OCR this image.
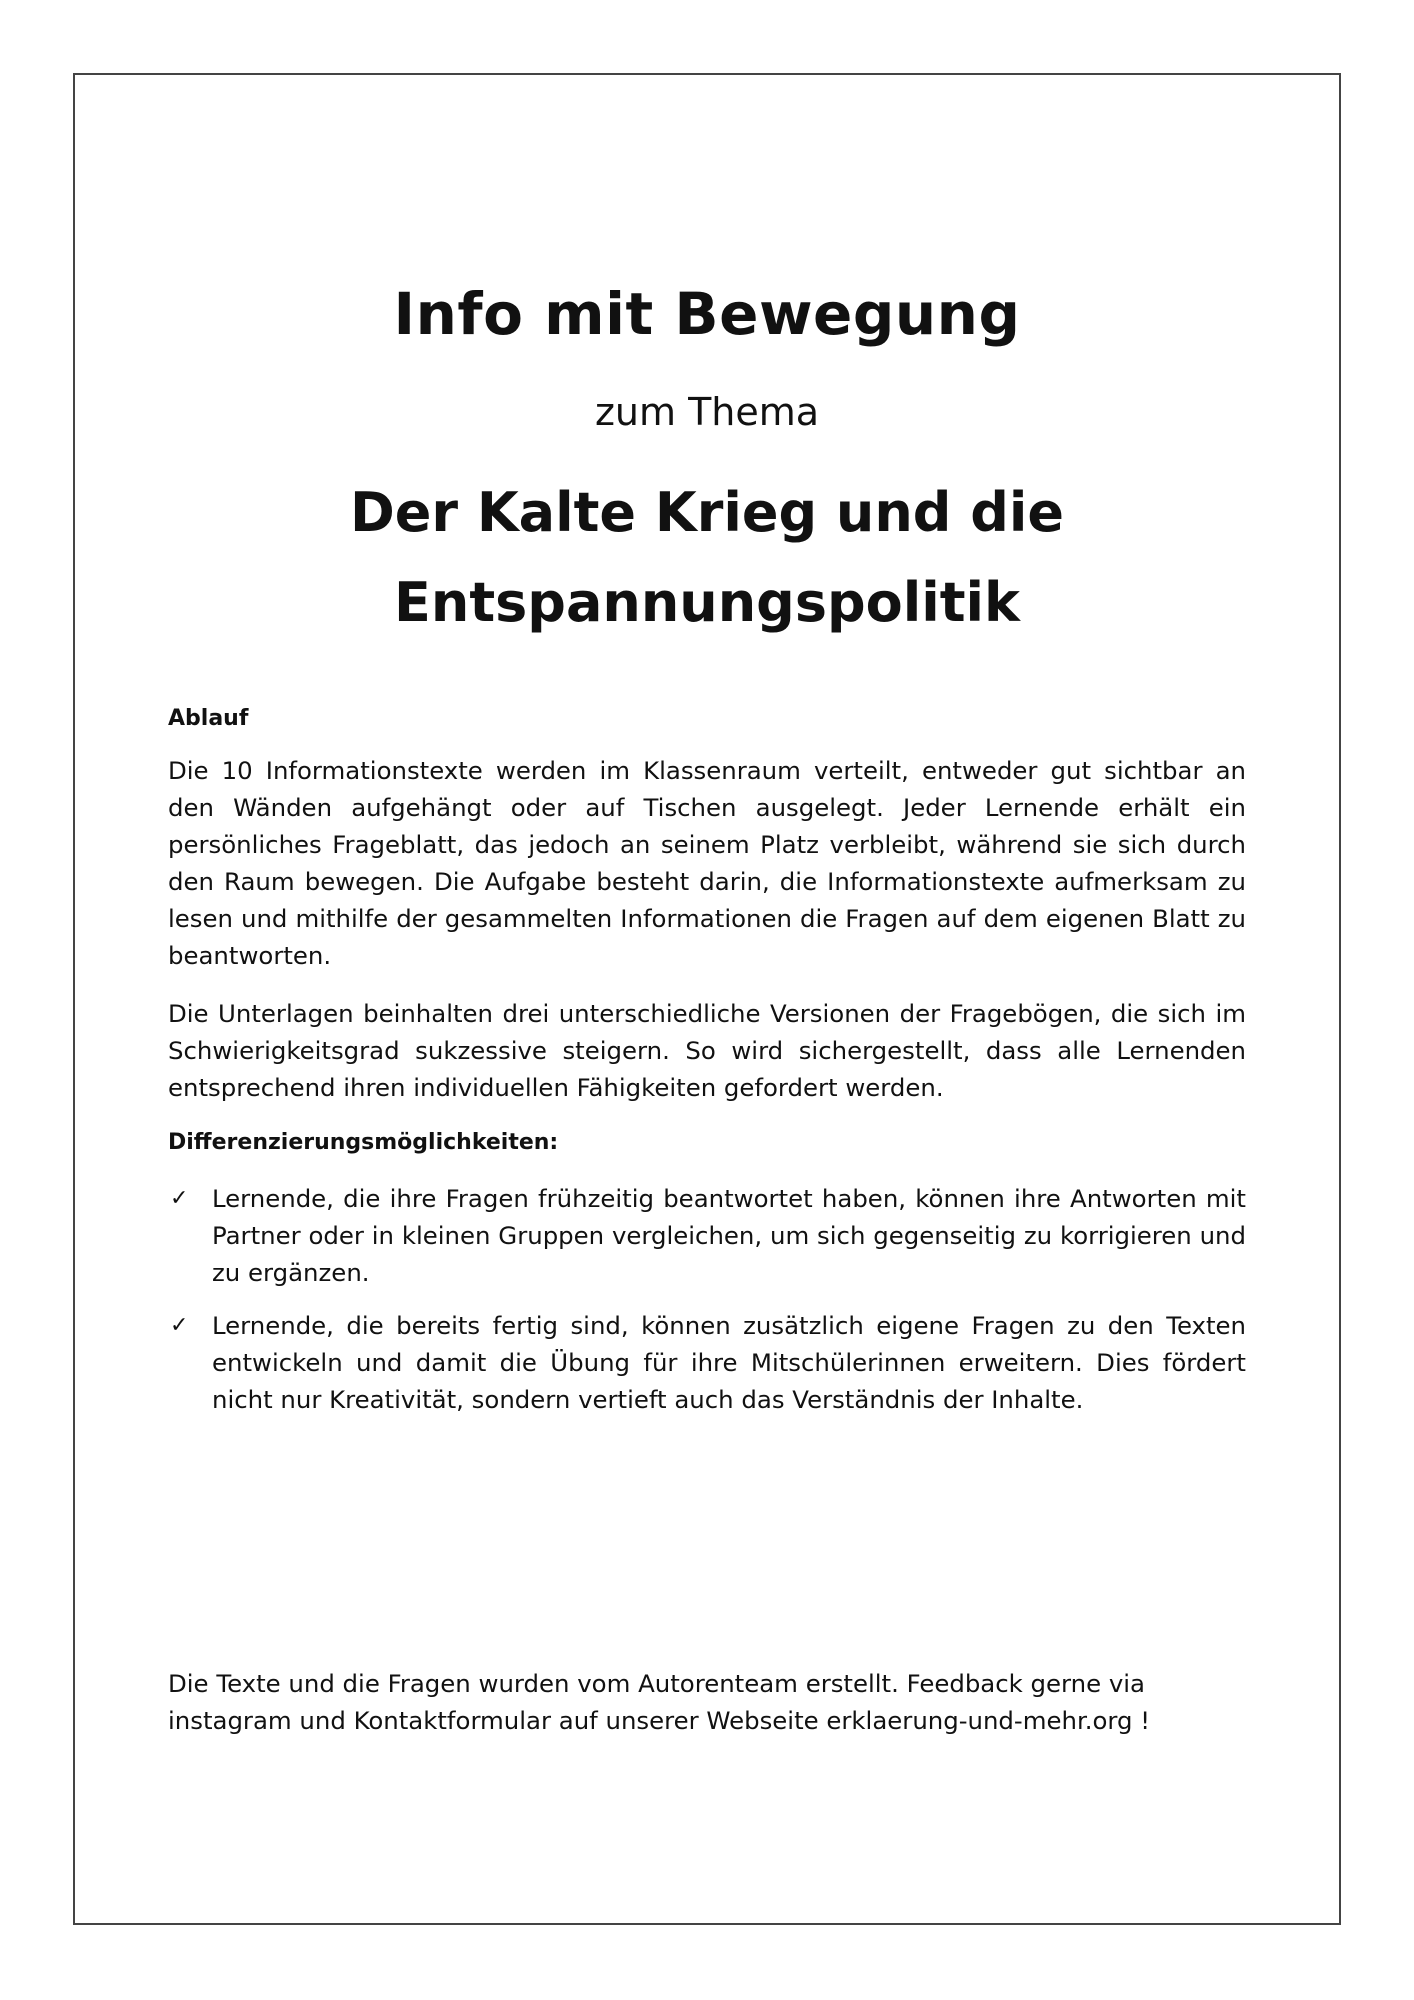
Info mit Bewegung
zum Thema
Der Kalte Krieg und die
Entspannungspolitik
Ablauf

Die 10 Informationstexte werden im Klassenraum verteilt, entweder gut sichtbar an den Wänden aufgehängt oder auf Tischen ausgelegt. Jeder Lernende erhält ein persönliches Frageblatt, das jedoch an seinem Platz verbleibt, während sie sich durch den Raum bewegen. Die Aufgabe besteht darin, die Informationstexte aufmerksam zu lesen und mithilfe der gesammelten Informationen die Fragen auf dem eigenen Blatt zu beantworten.

Die Unterlagen beinhalten drei unterschiedliche Versionen der Fragebögen, die sich im Schwierigkeitsgrad sukzessive steigern. So wird sichergestellt, dass alle Lernenden entsprechend ihren individuellen Fähigkeiten gefordert werden.

Differenzierungsmöglichkeiten:
✓ Lernende, die ihre Fragen frühzeitig beantwortet haben, können ihre Antworten mit Partner oder in kleinen Gruppen vergleichen, um sich gegenseitig zu korrigieren und zu ergänzen.
✓ Lernende, die bereits fertig sind, können zusätzlich eigene Fragen zu den Texten entwickeln und damit die Übung für ihre Mitschülerinnen erweitern. Dies fördert nicht nur Kreativität, sondern vertieft auch das Verständnis der Inhalte.

Die Texte und die Fragen wurden vom Autorenteam erstellt. Feedback gerne via

instagram und Kontaktformular auf unserer Webseite erklaerung-und-mehr.org !
